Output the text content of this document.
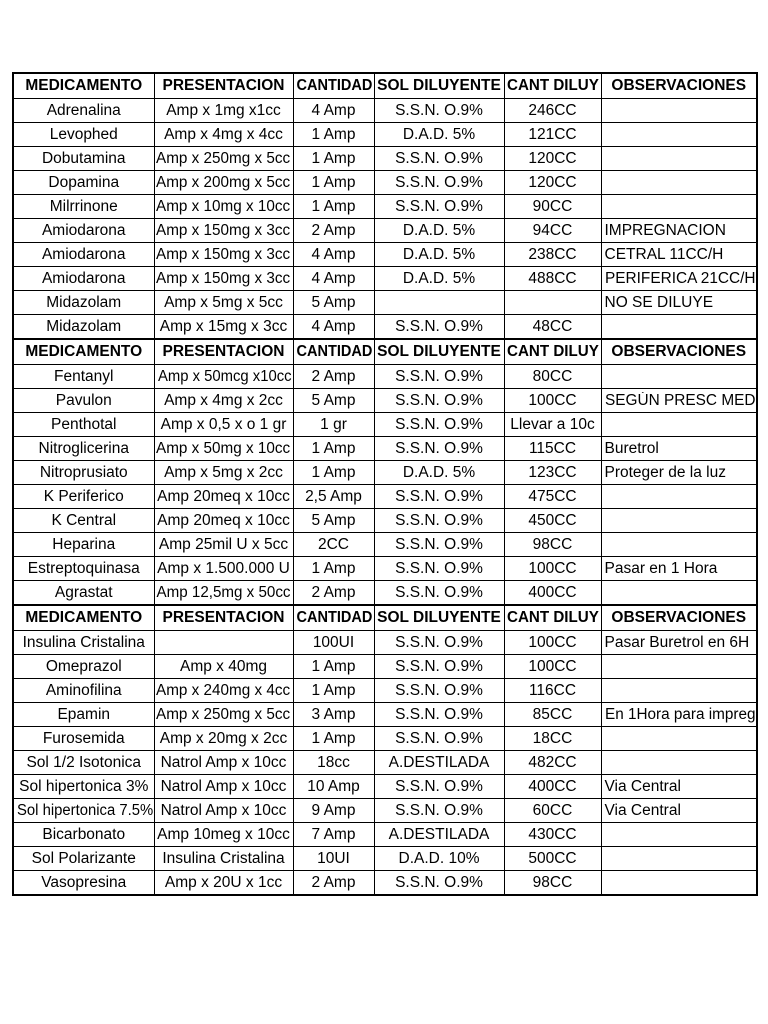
MEDICAMENTO	PRESENTACION	CANTIDAD	SOL DILUYENTE	CANT DILUY	OBSERVACIONES
Adrenalina	Amp x 1mg x1cc	4 Amp	S.S.N. O.9%	246CC	
Levophed	Amp x 4mg x 4cc	1 Amp	D.A.D. 5%	121CC	
Dobutamina	Amp x 250mg x 5cc	1 Amp	S.S.N. O.9%	120CC	
Dopamina	Amp x 200mg x 5cc	1 Amp	S.S.N. O.9%	120CC	
Milrrinone	Amp x 10mg x 10cc	1 Amp	S.S.N. O.9%	90CC	
Amiodarona	Amp x 150mg x 3cc	2 Amp	D.A.D. 5%	94CC	IMPREGNACION
Amiodarona	Amp x 150mg x 3cc	4 Amp	D.A.D. 5%	238CC	CETRAL 11CC/H
Amiodarona	Amp x 150mg x 3cc	4 Amp	D.A.D. 5%	488CC	PERIFERICA 21CC/H
Midazolam	Amp x 5mg x 5cc	5 Amp			NO SE DILUYE
Midazolam	Amp x 15mg x 3cc	4 Amp	S.S.N. O.9%	48CC	
MEDICAMENTO	PRESENTACION	CANTIDAD	SOL DILUYENTE	CANT DILUY	OBSERVACIONES
Fentanyl	Amp x 50mcg x10cc	2 Amp	S.S.N. O.9%	80CC	
Pavulon	Amp x 4mg x 2cc	5 Amp	S.S.N. O.9%	100CC	SEGÚN PRESC MED
Penthotal	Amp x 0,5 x o 1 gr	1 gr	S.S.N. O.9%	Llevar a 10c	
Nitroglicerina	Amp x 50mg x 10cc	1 Amp	S.S.N. O.9%	115CC	Buretrol
Nitroprusiato	Amp x 5mg x 2cc	1 Amp	D.A.D. 5%	123CC	Proteger de la luz
K Periferico	Amp 20meq x 10cc	2,5 Amp	S.S.N. O.9%	475CC	
K Central	Amp 20meq x 10cc	5 Amp	S.S.N. O.9%	450CC	
Heparina	Amp 25mil U x 5cc	2CC	S.S.N. O.9%	98CC	
Estreptoquinasa	Amp x 1.500.000 U	1 Amp	S.S.N. O.9%	100CC	Pasar en 1 Hora
Agrastat	Amp 12,5mg x 50cc	2 Amp	S.S.N. O.9%	400CC	
MEDICAMENTO	PRESENTACION	CANTIDAD	SOL DILUYENTE	CANT DILUY	OBSERVACIONES
Insulina Cristalina		100UI	S.S.N. O.9%	100CC	Pasar Buretrol en 6H
Omeprazol	Amp x 40mg	1 Amp	S.S.N. O.9%	100CC	
Aminofilina	Amp x 240mg x 4cc	1 Amp	S.S.N. O.9%	116CC	
Epamin	Amp x 250mg x 5cc	3 Amp	S.S.N. O.9%	85CC	En 1Hora para impreg
Furosemida	Amp x 20mg x 2cc	1 Amp	S.S.N. O.9%	18CC	
Sol 1/2 Isotonica	Natrol Amp x 10cc	18cc	A.DESTILADA	482CC	
Sol hipertonica 3%	Natrol Amp x 10cc	10 Amp	S.S.N. O.9%	400CC	Via Central
Sol hipertonica 7.5%	Natrol Amp x 10cc	9 Amp	S.S.N. O.9%	60CC	Via Central
Bicarbonato	Amp 10meg x 10cc	7 Amp	A.DESTILADA	430CC	
Sol Polarizante	Insulina Cristalina	10UI	D.A.D. 10%	500CC	
Vasopresina	Amp x 20U x 1cc	2 Amp	S.S.N. O.9%	98CC	
